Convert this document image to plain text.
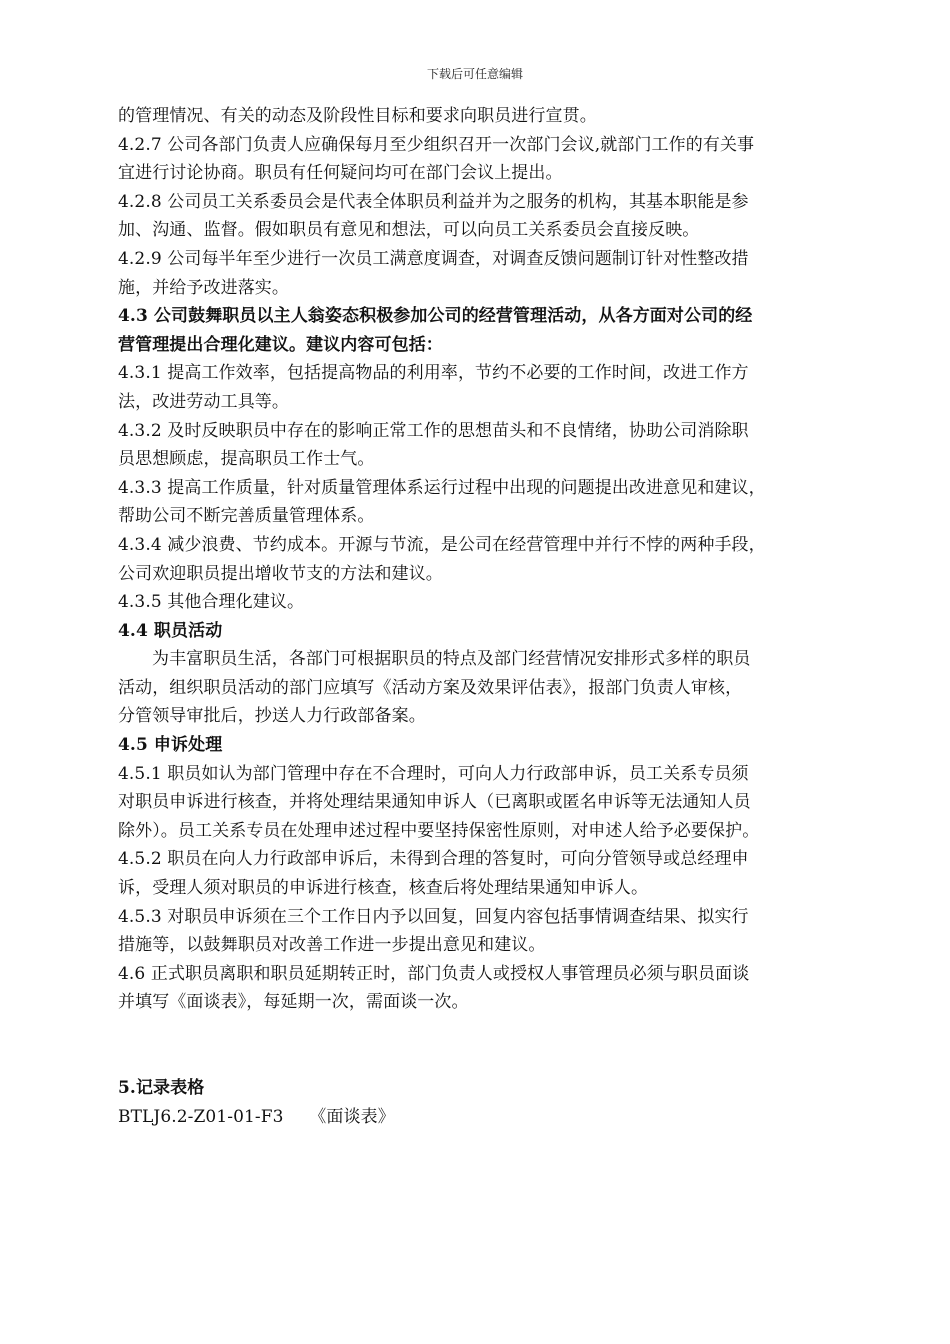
下载后可任意编辑
的管理情况、有关的动态及阶段性目标和要求向职员进行宣贯。
4.2.7 公司各部门负责人应确保每月至少组织召开一次部门会议,就部门工作的有关事
宜进行讨论协商。职员有任何疑问均可在部门会议上提出。
4.2.8 公司员工关系委员会是代表全体职员利益并为之服务的机构，其基本职能是参
加、沟通、监督。假如职员有意见和想法，可以向员工关系委员会直接反映。
4.2.9 公司每半年至少进行一次员工满意度调查，对调查反馈问题制订针对性整改措
施，并给予改进落实。
4.3 公司鼓舞职员以主人翁姿态积极参加公司的经营管理活动，从各方面对公司的经
营管理提出合理化建议。建议内容可包括：
4.3.1 提高工作效率，包括提高物品的利用率，节约不必要的工作时间，改进工作方
法，改进劳动工具等。
4.3.2 及时反映职员中存在的影响正常工作的思想苗头和不良情绪，协助公司消除职
员思想顾虑，提高职员工作士气。
4.3.3 提高工作质量，针对质量管理体系运行过程中出现的问题提出改进意见和建议，
帮助公司不断完善质量管理体系。
4.3.4 减少浪费、节约成本。开源与节流，是公司在经营管理中并行不悖的两种手段，
公司欢迎职员提出增收节支的方法和建议。
4.3.5 其他合理化建议。
4.4 职员活动
为丰富职员生活，各部门可根据职员的特点及部门经营情况安排形式多样的职员
活动，组织职员活动的部门应填写《活动方案及效果评估表》，报部门负责人审核，
分管领导审批后，抄送人力行政部备案。
4.5 申诉处理
4.5.1 职员如认为部门管理中存在不合理时，可向人力行政部申诉，员工关系专员须
对职员申诉进行核查，并将处理结果通知申诉人（已离职或匿名申诉等无法通知人员
除外）。员工关系专员在处理申述过程中要坚持保密性原则，对申述人给予必要保护。
4.5.2 职员在向人力行政部申诉后，未得到合理的答复时，可向分管领导或总经理申
诉，受理人须对职员的申诉进行核查，核查后将处理结果通知申诉人。
4.5.3 对职员申诉须在三个工作日内予以回复，回复内容包括事情调查结果、拟实行
措施等，以鼓舞职员对改善工作进一步提出意见和建议。
4.6 正式职员离职和职员延期转正时，部门负责人或授权人事管理员必须与职员面谈
并填写《面谈表》，每延期一次，需面谈一次。
5.记录表格
BTLJ6.2-Z01-01-F3　　《面谈表》
